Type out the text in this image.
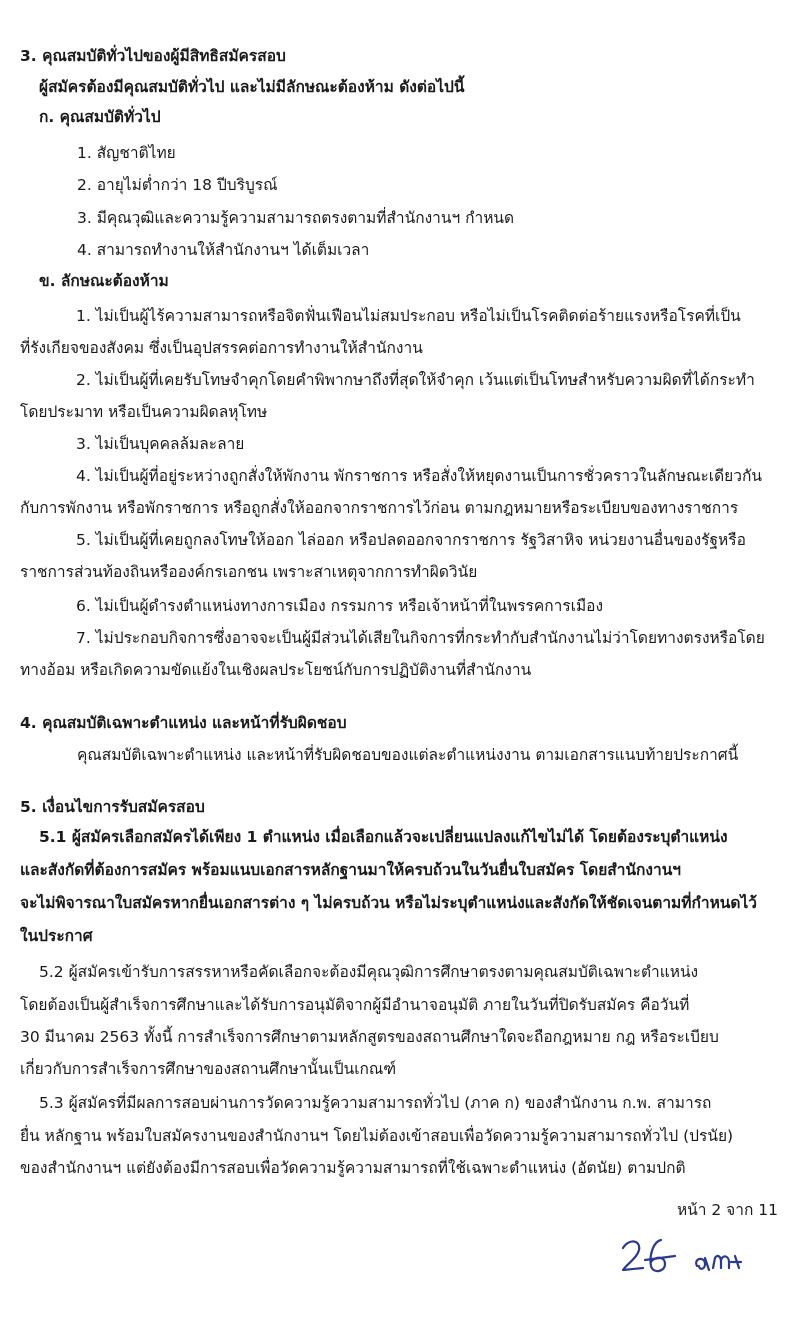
3. คุณสมบัติทั่วไปของผู้มีสิทธิสมัครสอบ
ผู้สมัครต้องมีคุณสมบัติทั่วไป และไม่มีลักษณะต้องห้าม ดังต่อไปนี้
ก. คุณสมบัติทั่วไป
1. สัญชาติไทย
2. อายุไม่ต่ำกว่า 18 ปีบริบูรณ์
3. มีคุณวุฒิและความรู้ความสามารถตรงตามที่สำนักงานฯ กำหนด
4. สามารถทำงานให้สำนักงานฯ ได้เต็มเวลา
ข. ลักษณะต้องห้าม
1. ไม่เป็นผู้ไร้ความสามารถหรือจิตฟั่นเฟือนไม่สมประกอบ หรือไม่เป็นโรคติดต่อร้ายแรงหรือโรคที่เป็น
ที่รังเกียจของสังคม ซึ่งเป็นอุปสรรคต่อการทำงานให้สำนักงาน
2. ไม่เป็นผู้ที่เคยรับโทษจำคุกโดยคำพิพากษาถึงที่สุดให้จำคุก เว้นแต่เป็นโทษสำหรับความผิดที่ได้กระทำ
โดยประมาท หรือเป็นความผิดลหุโทษ
3. ไม่เป็นบุคคลล้มละลาย
4. ไม่เป็นผู้ที่อยู่ระหว่างถูกสั่งให้พักงาน พักราชการ หรือสั่งให้หยุดงานเป็นการชั่วคราวในลักษณะเดียวกัน
กับการพักงาน หรือพักราชการ หรือถูกสั่งให้ออกจากราชการไว้ก่อน ตามกฎหมายหรือระเบียบของทางราชการ
5. ไม่เป็นผู้ที่เคยถูกลงโทษให้ออก ไล่ออก หรือปลดออกจากราชการ รัฐวิสาหิจ หน่วยงานอื่นของรัฐหรือ
ราชการส่วนท้องถินหรือองค์กรเอกชน เพราะสาเหตุจากการทำผิดวินัย
6. ไม่เป็นผู้ดำรงตำแหน่งทางการเมือง กรรมการ หรือเจ้าหน้าที่ในพรรคการเมือง
7. ไม่ประกอบกิจการซึ่งอาจจะเป็นผู้มีส่วนได้เสียในกิจการที่กระทำกับสำนักงานไม่ว่าโดยทางตรงหรือโดย
ทางอ้อม หรือเกิดความขัดแย้งในเชิงผลประโยชน์กับการปฏิบัติงานที่สำนักงาน
4. คุณสมบัติเฉพาะตำแหน่ง และหน้าที่รับผิดชอบ
คุณสมบัติเฉพาะตำแหน่ง และหน้าที่รับผิดชอบของแต่ละตำแหน่งงาน ตามเอกสารแนบท้ายประกาศนี้
5. เงื่อนไขการรับสมัครสอบ
5.1 ผู้สมัครเลือกสมัครได้เพียง 1 ตำแหน่ง เมื่อเลือกแล้วจะเปลี่ยนแปลงแก้ไขไม่ได้ โดยต้องระบุตำแหน่ง
และสังกัดที่ต้องการสมัคร พร้อมแนบเอกสารหลักฐานมาให้ครบถ้วนในวันยื่นใบสมัคร โดยสำนักงานฯ
จะไม่พิจารณาใบสมัครหากยื่นเอกสารต่าง ๆ ไม่ครบถ้วน หรือไม่ระบุตำแหน่งและสังกัดให้ชัดเจนตามที่กำหนดไว้
ในประกาศ
5.2 ผู้สมัครเข้ารับการสรรหาหรือคัดเลือกจะต้องมีคุณวุฒิการศึกษาตรงตามคุณสมบัติเฉพาะตำแหน่ง
โดยต้องเป็นผู้สำเร็จการศึกษาและได้รับการอนุมัติจากผู้มีอำนาจอนุมัติ ภายในวันที่ปิดรับสมัคร คือวันที่
30 มีนาคม 2563 ทั้งนี้ การสำเร็จการศึกษาตามหลักสูตรของสถานศึกษาใดจะถือกฎหมาย กฎ หรือระเบียบ
เกี่ยวกับการสำเร็จการศึกษาของสถานศึกษานั้นเป็นเกณฑ์
5.3 ผู้สมัครที่มีผลการสอบผ่านการวัดความรู้ความสามารถทั่วไป (ภาค ก) ของสำนักงาน ก.พ. สามารถ
ยื่น หลักฐาน พร้อมใบสมัครงานของสำนักงานฯ โดยไม่ต้องเข้าสอบเพื่อวัดความรู้ความสามารถทั่วไป (ปรนัย)
ของสำนักงานฯ แต่ยังต้องมีการสอบเพื่อวัดความรู้ความสามารถที่ใช้เฉพาะตำแหน่ง (อัตนัย) ตามปกติ
หน้า 2 จาก 11
